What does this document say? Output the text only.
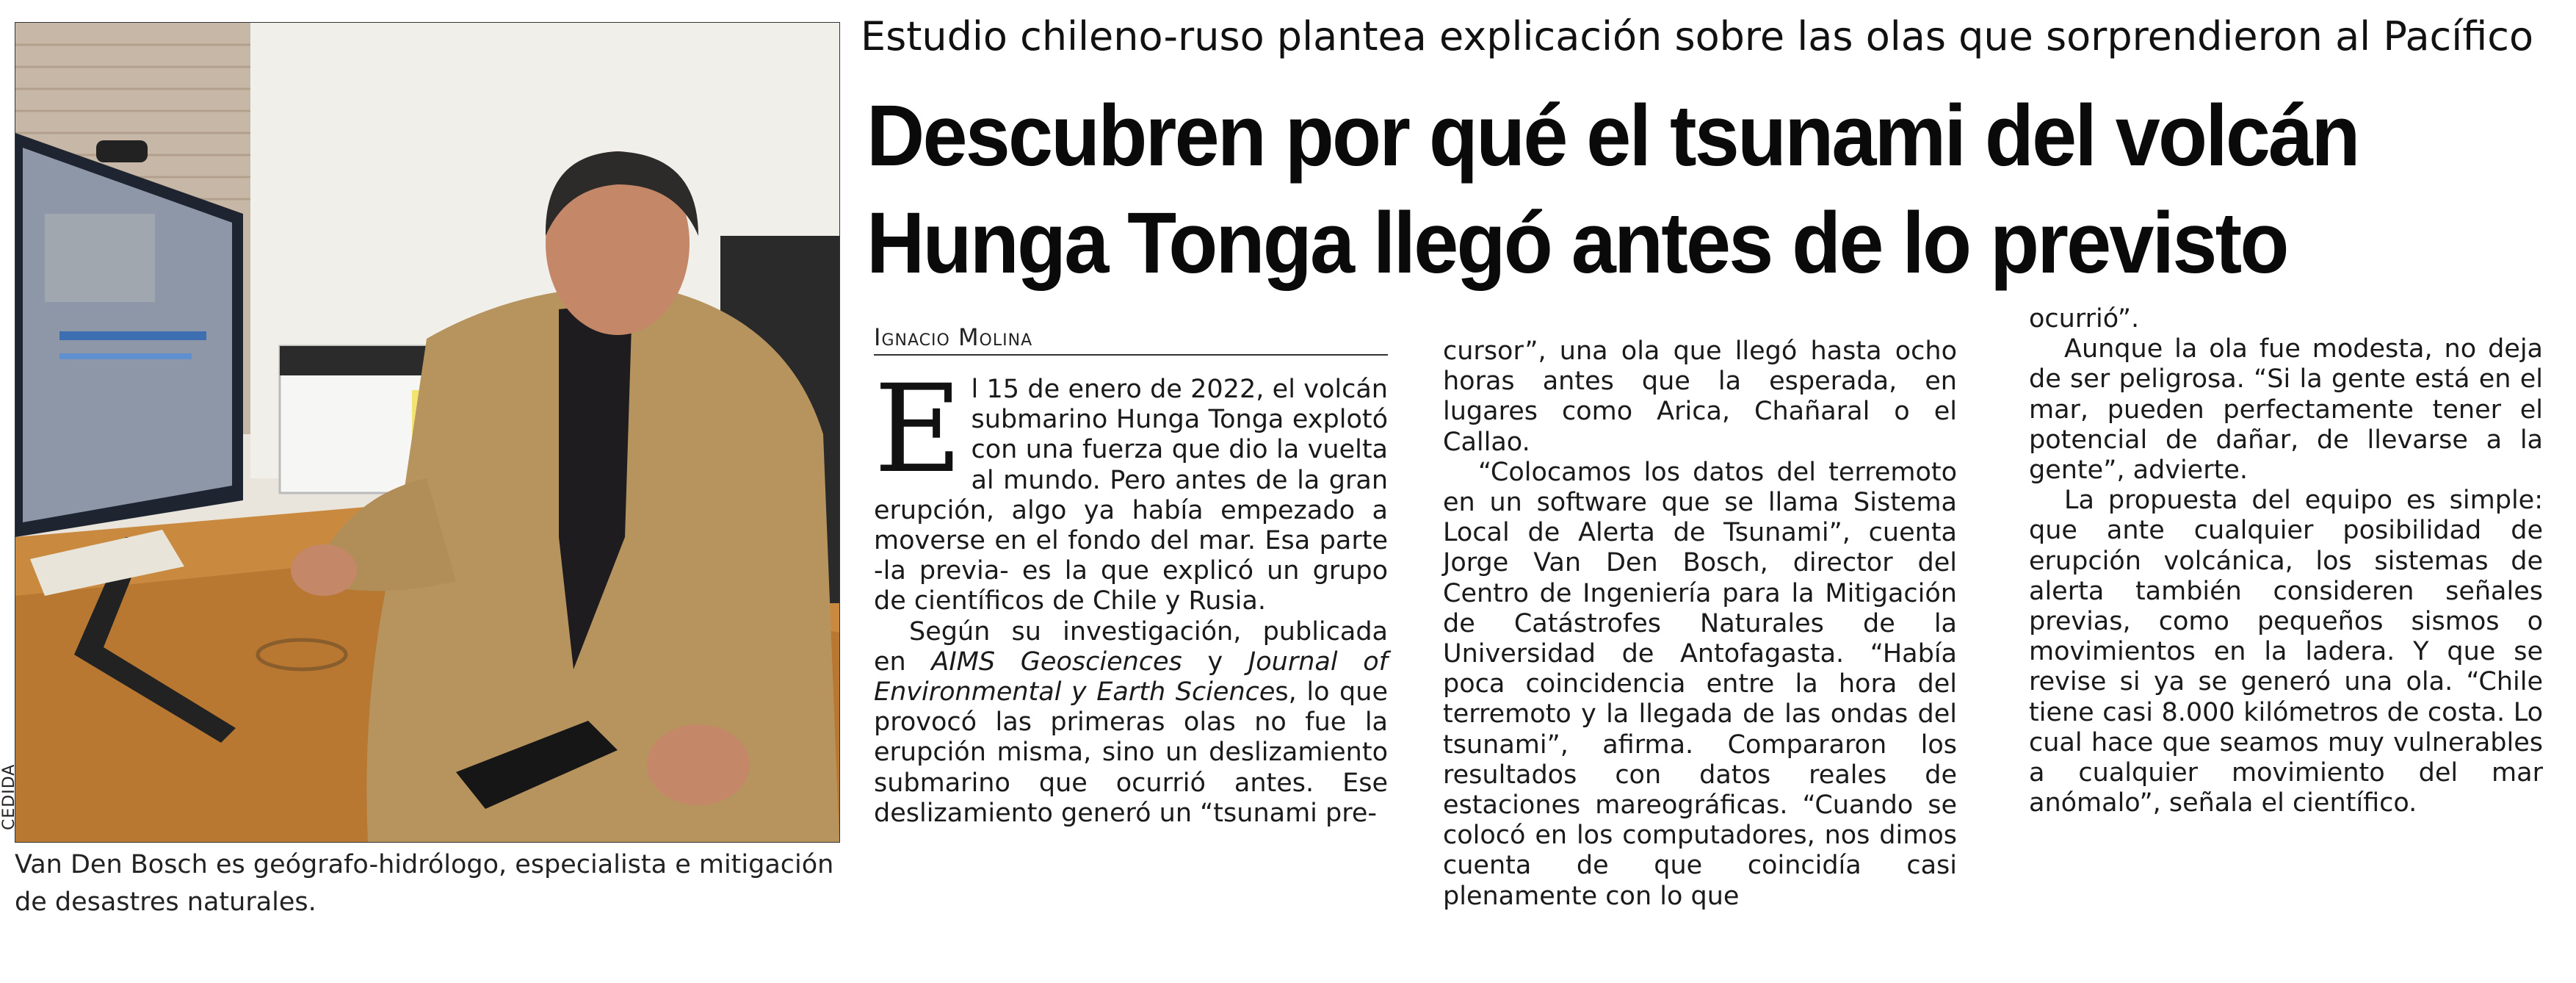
CEDIDA
Van Den Bosch es geógrafo-hidrólogo, especialista e mitigación de desastres naturales.
Estudio chileno-ruso plantea explicación sobre las olas que sorprendieron al Pacífico
Descubren por qué el tsunami del volcán
Hunga Tonga llegó antes de lo previsto
Ignacio Molina

El 15 de enero de 2022, el volcán submarino Hunga Tonga explotó con una fuerza que dio la vuelta al mundo. Pero antes de la gran erupción, algo ya había empezado a moverse en el fondo del mar. Esa parte -la previa- es la que explicó un grupo de científicos de Chile y Rusia.

Según su investigación, publicada en AIMS Geosciences y Journal of Environmental y Earth Sciences, lo que provocó las primeras olas no fue la erupción misma, sino un deslizamiento submarino que ocurrió antes. Ese deslizamiento generó un “tsunami pre-

cursor”, una ola que llegó hasta ocho horas antes que la esperada, en lugares como Arica, Chañaral o el Callao.

“Colocamos los datos del terremoto en un software que se llama Sistema Local de Alerta de Tsunami”, cuenta Jorge Van Den Bosch, director del Centro de Ingeniería para la Mitigación de Catástrofes Naturales de la Universidad de Antofagasta. “Había poca coincidencia entre la hora del terremoto y la llegada de las ondas del tsunami”, afirma. Compararon los resultados con datos reales de estaciones mareográficas. “Cuando se colocó en los computadores, nos dimos cuenta de que coincidía casi plenamente con lo que

ocurrió”.

Aunque la ola fue modesta, no deja de ser peligrosa. “Si la gente está en el mar, pueden perfectamente tener el potencial de dañar, de llevarse a la gente”, advierte.

La propuesta del equipo es simple: que ante cualquier posibilidad de erupción volcánica, los sistemas de alerta también consideren señales previas, como pequeños sismos o movimientos en la ladera. Y que se revise si ya se generó una ola. “Chile tiene casi 8.000 kilómetros de costa. Lo cual hace que seamos muy vulnerables a cualquier movimiento del mar anómalo”, señala el científico.
